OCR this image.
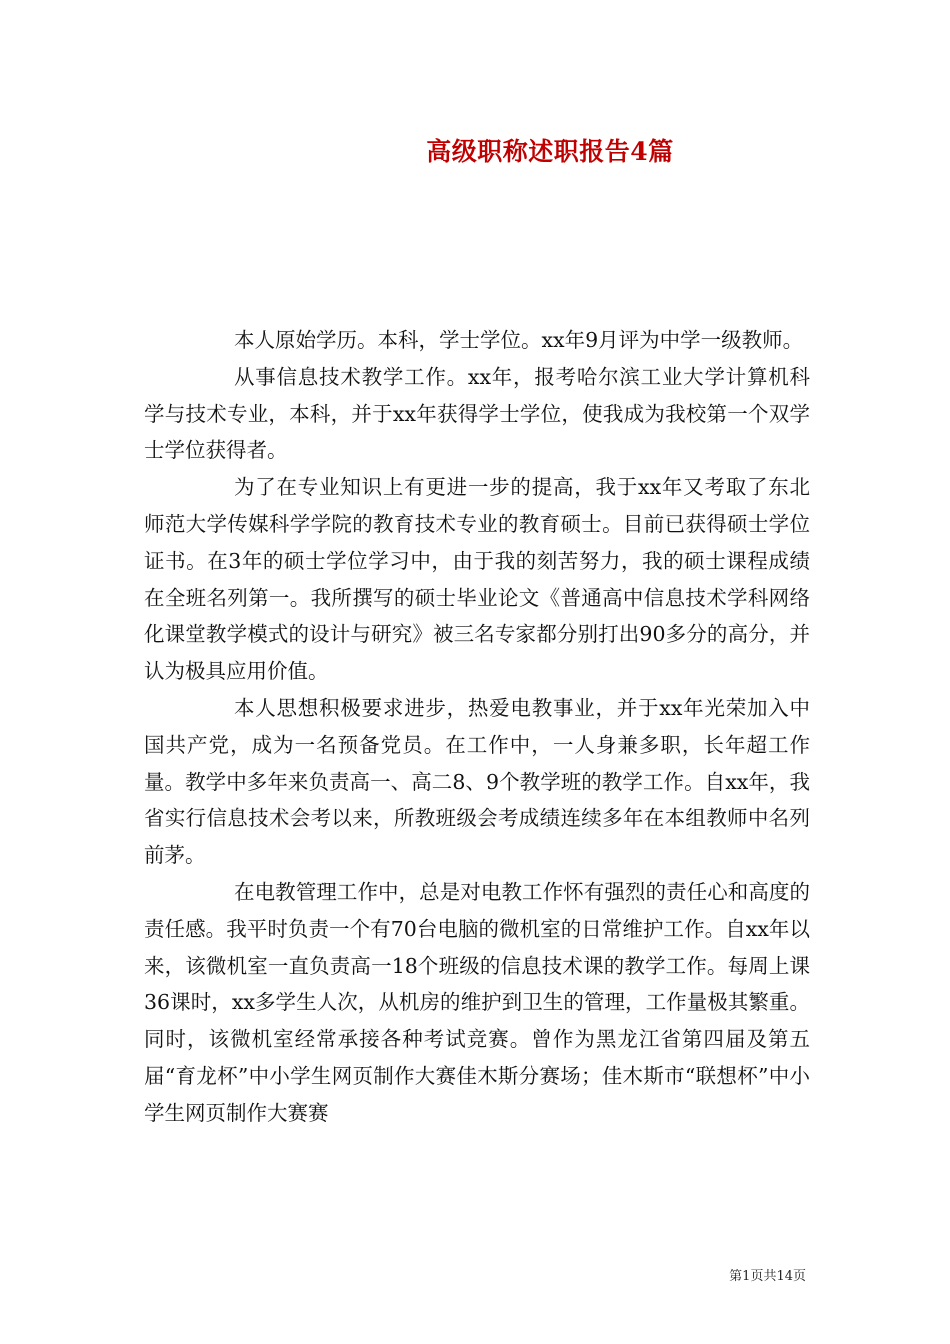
高级职称述职报告4篇

本人原始学历。本科，学士学位。xx年9月评为中学一级教师。

从事信息技术教学工作。xx年，报考哈尔滨工业大学计算机科学与技术专业，本科，并于xx年获得学士学位，使我成为我校第一个双学士学位获得者。

为了在专业知识上有更进一步的提高，我于xx年又考取了东北师范大学传媒科学学院的教育技术专业的教育硕士。目前已获得硕士学位证书。在3年的硕士学位学习中，由于我的刻苦努力，我的硕士课程成绩在全班名列第一。我所撰写的硕士毕业论文《普通高中信息技术学科网络化课堂教学模式的设计与研究》被三名专家都分别打出90多分的高分，并认为极具应用价值。

本人思想积极要求进步，热爱电教事业，并于xx年光荣加入中国共产党，成为一名预备党员。在工作中，一人身兼多职，长年超工作量。教学中多年来负责高一、高二8、9个教学班的教学工作。自xx年，我省实行信息技术会考以来，所教班级会考成绩连续多年在本组教师中名列前茅。

在电教管理工作中，总是对电教工作怀有强烈的责任心和高度的责任感。我平时负责一个有70台电脑的微机室的日常维护工作。自xx年以来，该微机室一直负责高一18个班级的信息技术课的教学工作。每周上课36课时，xx多学生人次，从机房的维护到卫生的管理，工作量极其繁重。同时，该微机室经常承接各种考试竞赛。曾作为黑龙江省第四届及第五届“育龙杯”中小学生网页制作大赛佳木斯分赛场；佳木斯市“联想杯”中小学生网页制作大赛赛

第1页共14页
